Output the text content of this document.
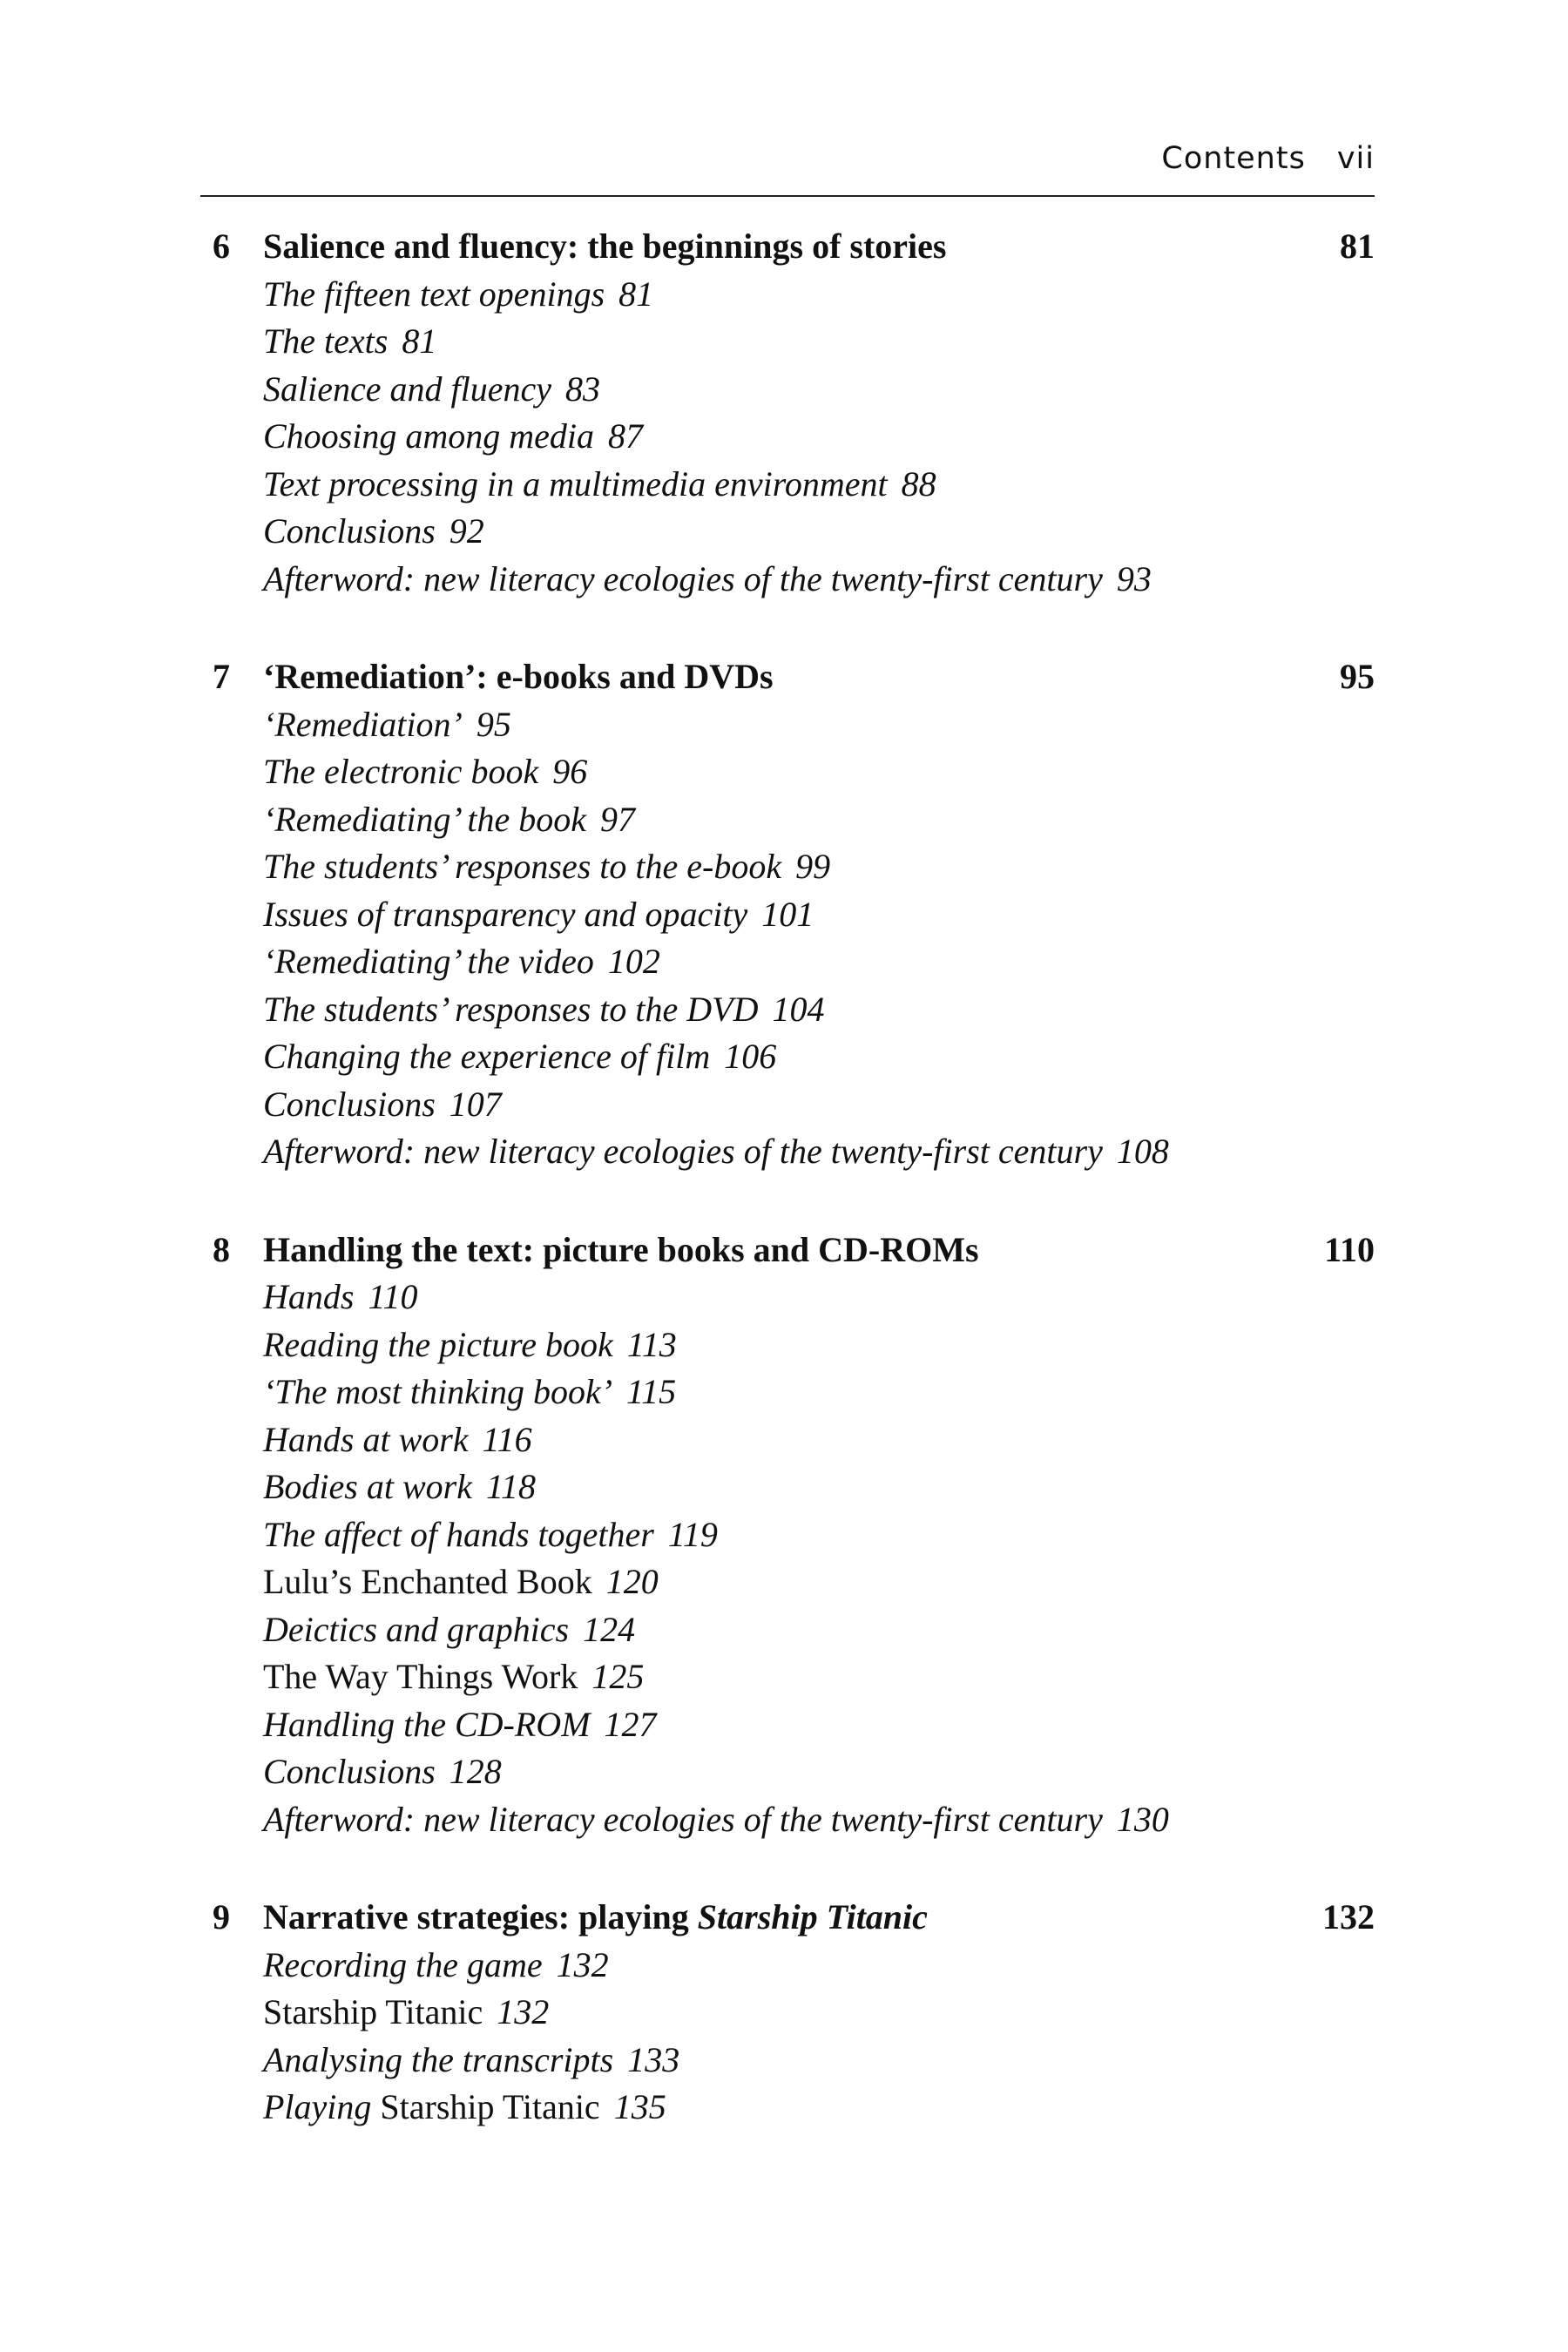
Contents vii
6 Salience and fluency: the beginnings of stories	81
The fifteen text openings 81
The texts 81
Salience and fluency 83
Choosing among media 87
Text processing in a multimedia environment 88
Conclusions 92
Afterword: new literacy ecologies of the twenty-first century 93
7 ‘Remediation’: e-books and DVDs	95
‘Remediation’ 95
The electronic book 96
‘Remediating’ the book 97
The students’ responses to the e-book 99
Issues of transparency and opacity 101
‘Remediating’ the video 102
The students’ responses to the DVD 104
Changing the experience of film 106
Conclusions 107
Afterword: new literacy ecologies of the twenty-first century 108
8 Handling the text: picture books and CD-ROMs	110
Hands 110
Reading the picture book 113
‘The most thinking book’ 115
Hands at work 116
Bodies at work 118
The affect of hands together 119
Lulu’s Enchanted Book 120
Deictics and graphics 124
The Way Things Work 125
Handling the CD-ROM 127
Conclusions 128
Afterword: new literacy ecologies of the twenty-first century 130
9 Narrative strategies: playing Starship Titanic	132
Recording the game 132
Starship Titanic 132
Analysing the transcripts 133
Playing Starship Titanic 135
